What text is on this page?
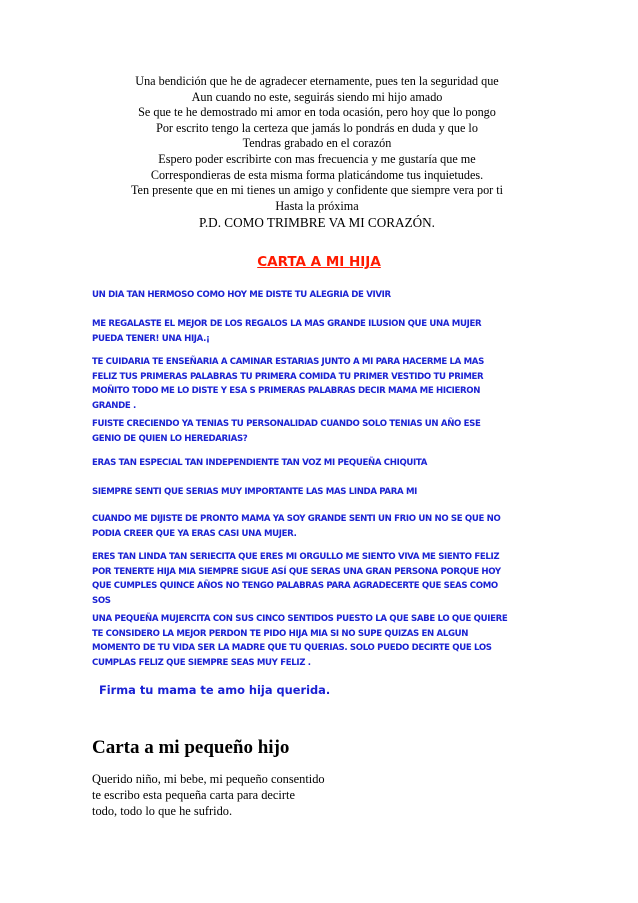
Una bendición que he de agradecer eternamente, pues ten la seguridad que
Aun cuando no este, seguirás siendo mi hijo amado
Se que te he demostrado mi amor en toda ocasión, pero hoy que lo pongo
Por escrito tengo la certeza que jamás lo pondrás en duda y que lo
Tendras grabado en el corazón
Espero poder escribirte con mas frecuencia y me gustaría que me
Correspondieras de esta misma forma platicándome tus inquietudes.
Ten presente que en mi tienes un amigo y confidente que siempre vera por ti
Hasta la próxima
P.D. COMO TRIMBRE VA MI CORAZÓN.
CARTA A MI HIJA
UN DIA TAN HERMOSO COMO HOY ME DISTE TU ALEGRIA DE VIVIR
ME REGALASTE EL MEJOR DE LOS REGALOS LA MAS GRANDE ILUSION QUE UNA MUJER
PUEDA TENER! UNA HIJA.¡
TE CUIDARIA TE ENSEÑARIA A CAMINAR ESTARIAS JUNTO A MI PARA HACERME LA MAS
FELIZ TUS PRIMERAS PALABRAS TU PRIMERA COMIDA TU PRIMER VESTIDO TU PRIMER
MOÑITO TODO ME LO DISTE Y ESA S PRIMERAS PALABRAS DECIR MAMA ME HICIERON
GRANDE .
FUISTE CRECIENDO YA TENIAS TU PERSONALIDAD CUANDO SOLO TENIAS UN AÑO ESE
GENIO DE QUIEN LO HEREDARIAS?
ERAS TAN ESPECIAL TAN INDEPENDIENTE TAN VOZ MI PEQUEÑA CHIQUITA
SIEMPRE SENTI QUE SERIAS MUY IMPORTANTE LAS MAS LINDA PARA MI
CUANDO ME DIJISTE DE PRONTO MAMA YA SOY GRANDE SENTI UN FRIO UN NO SE QUE NO
PODIA CREER QUE YA ERAS CASI UNA MUJER.
ERES TAN LINDA TAN SERIECITA QUE ERES MI ORGULLO ME SIENTO VIVA ME SIENTO FELIZ
POR TENERTE HIJA MIA SIEMPRE SIGUE ASÍ QUE SERAS UNA GRAN PERSONA PORQUE HOY
QUE CUMPLES QUINCE AÑOS NO TENGO PALABRAS PARA AGRADECERTE QUE SEAS COMO
SOS
UNA PEQUEÑA MUJERCITA CON SUS CINCO SENTIDOS PUESTO LA QUE SABE LO QUE QUIERE
TE CONSIDERO LA MEJOR PERDON TE PIDO HIJA MIA SI NO SUPE QUIZAS EN ALGUN
MOMENTO DE TU VIDA SER LA MADRE QUE TU QUERIAS. SOLO PUEDO DECIRTE QUE LOS
CUMPLAS FELIZ QUE SIEMPRE SEAS MUY FELIZ .
Firma tu mama te amo hija querida.
Carta a mi pequeño hijo
Querido niño, mi bebe, mi pequeño consentido
te escribo esta pequeña carta para decirte
todo, todo lo que he sufrido.
